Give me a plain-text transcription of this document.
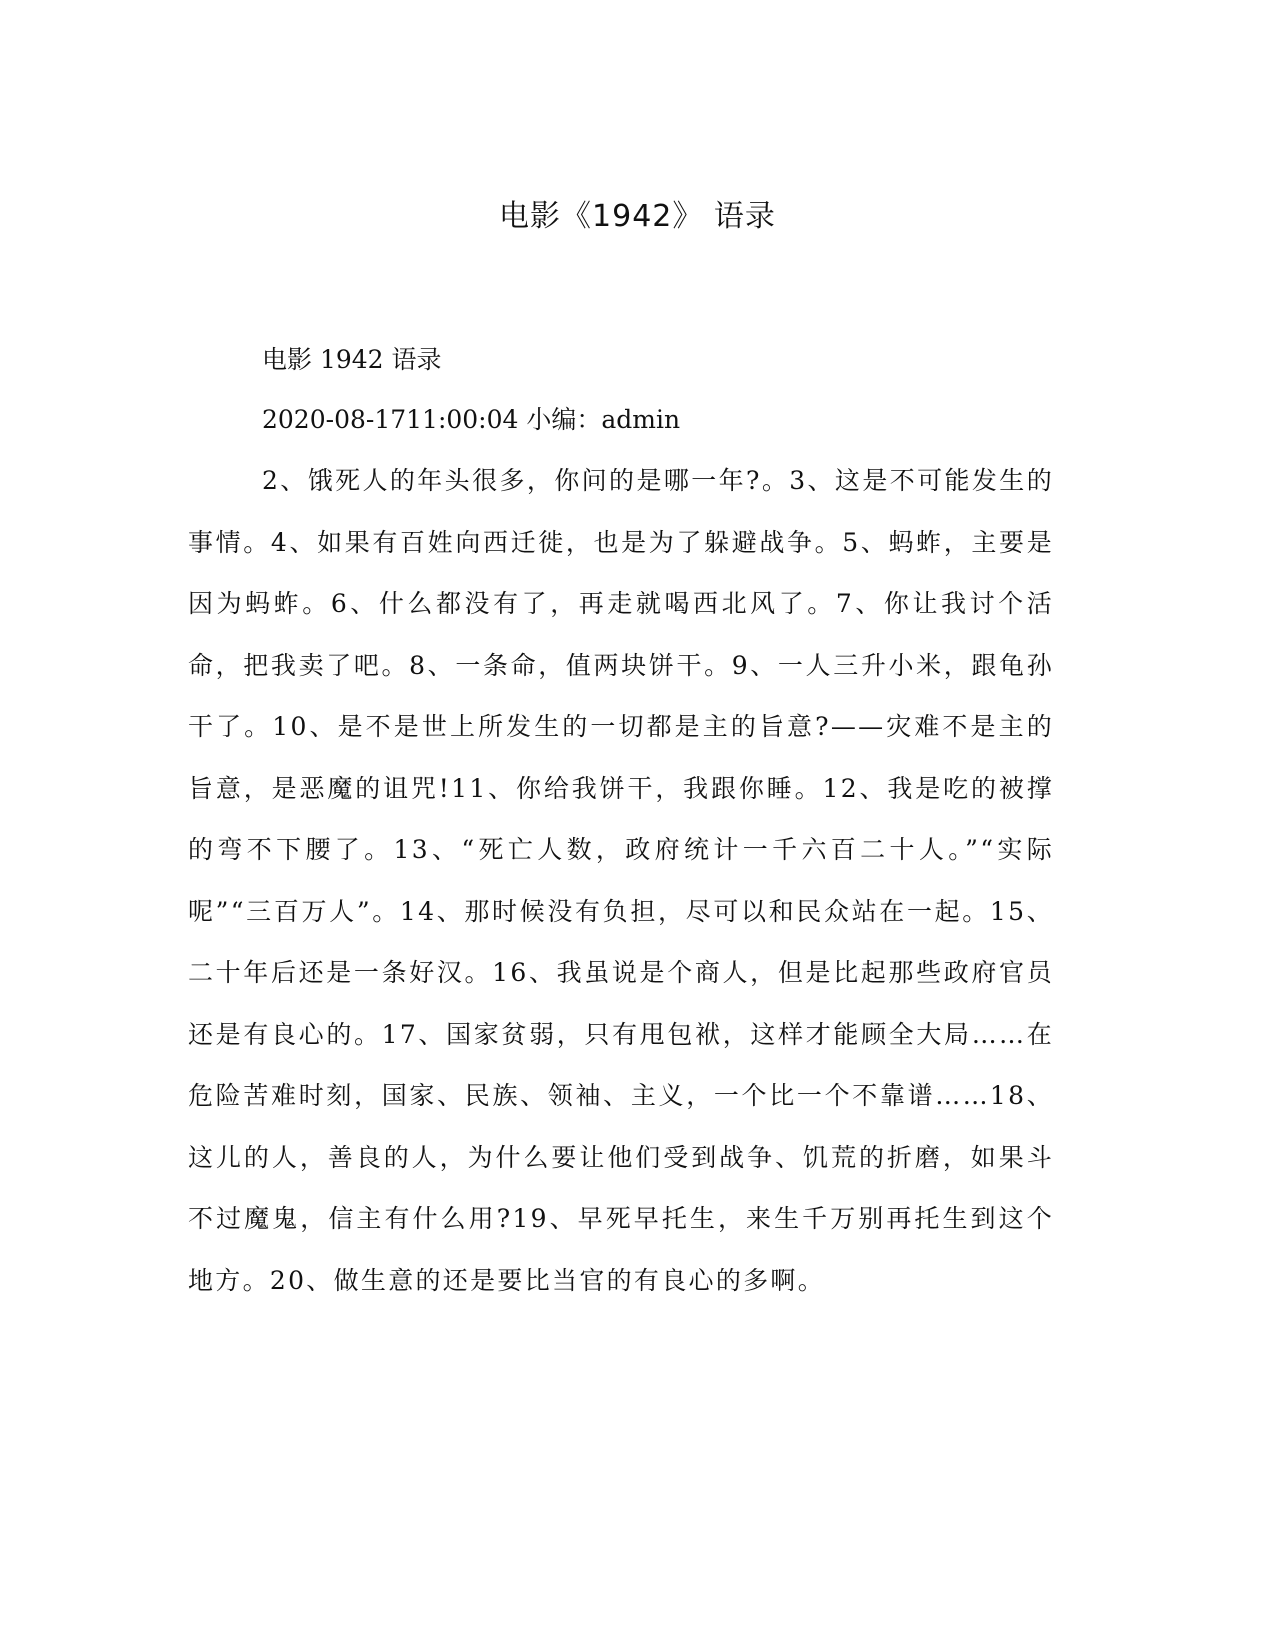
电影《1942》 语录

电影 1942 语录

2020-08-1711:00:04 小编：admin

2、饿死人的年头很多，你问的是哪一年?。3、这是不可能发生的事情。4、如果有百姓向西迁徙，也是为了躲避战争。5、蚂蚱，主要是因为蚂蚱。6、什么都没有了，再走就喝西北风了。7、你让我讨个活命，把我卖了吧。8、一条命，值两块饼干。9、一人三升小米，跟龟孙干了。10、是不是世上所发生的一切都是主的旨意?——灾难不是主的旨意，是恶魔的诅咒!11、你给我饼干，我跟你睡。12、我是吃的被撑的弯不下腰了。13、“死亡人数，政府统计一千六百二十人。”“实际呢”“三百万人”。14、那时候没有负担，尽可以和民众站在一起。15、二十年后还是一条好汉。16、我虽说是个商人，但是比起那些政府官员还是有良心的。17、国家贫弱，只有甩包袱，这样才能顾全大局……在危险苦难时刻，国家、民族、领袖、主义，一个比一个不靠谱……18、这儿的人，善良的人，为什么要让他们受到战争、饥荒的折磨，如果斗不过魔鬼，信主有什么用?19、早死早托生，来生千万别再托生到这个地方。20、做生意的还是要比当官的有良心的多啊。
